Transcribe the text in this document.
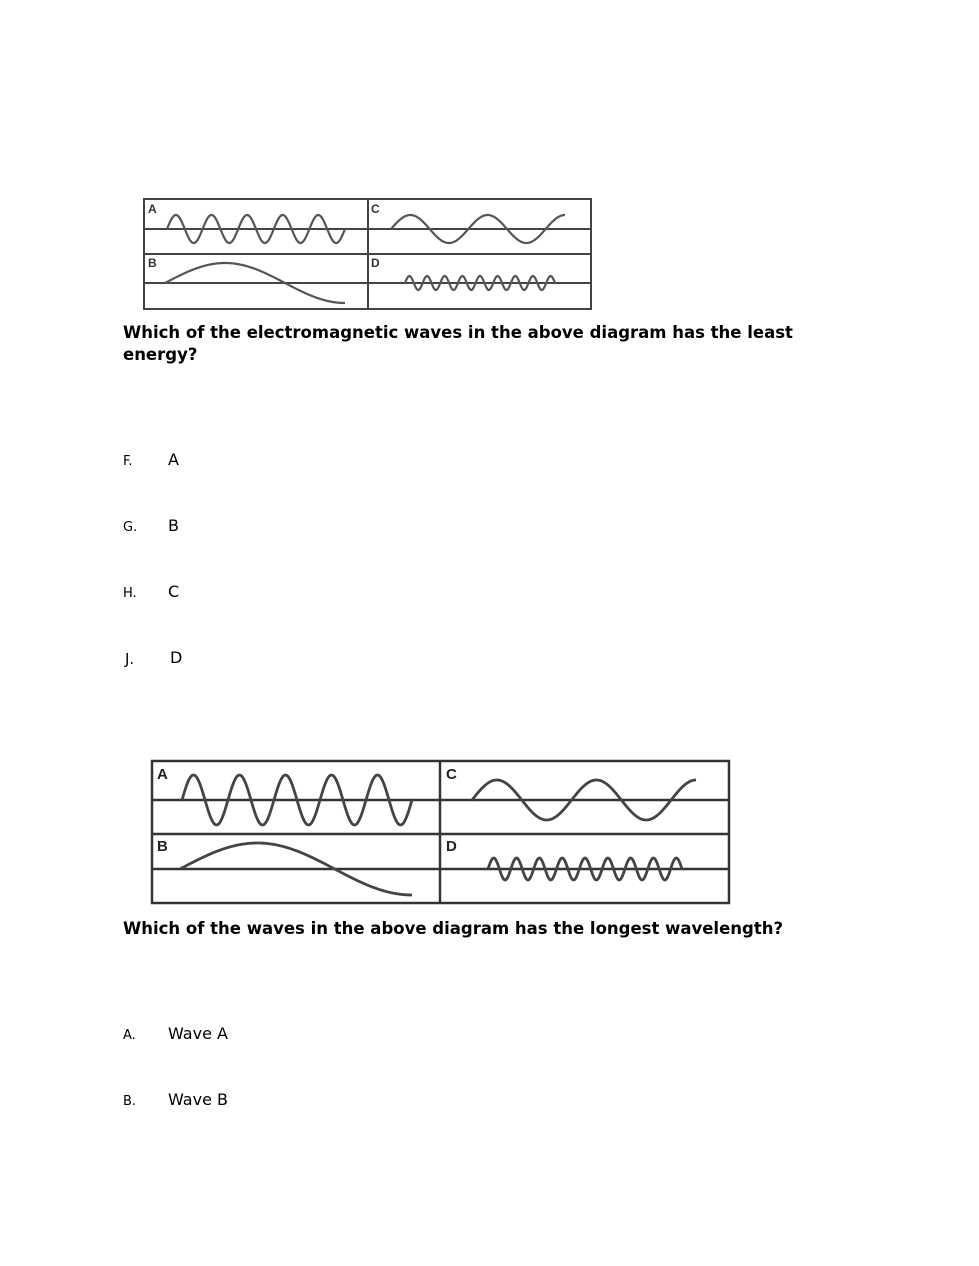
A	C
B	D

Which of the electromagnetic waves in the above diagram has the least energy?

F. A
G. B
H. C
J. D
A	C
B	D

Which of the waves in the above diagram has the longest wavelength?

A. Wave A
B. Wave B
